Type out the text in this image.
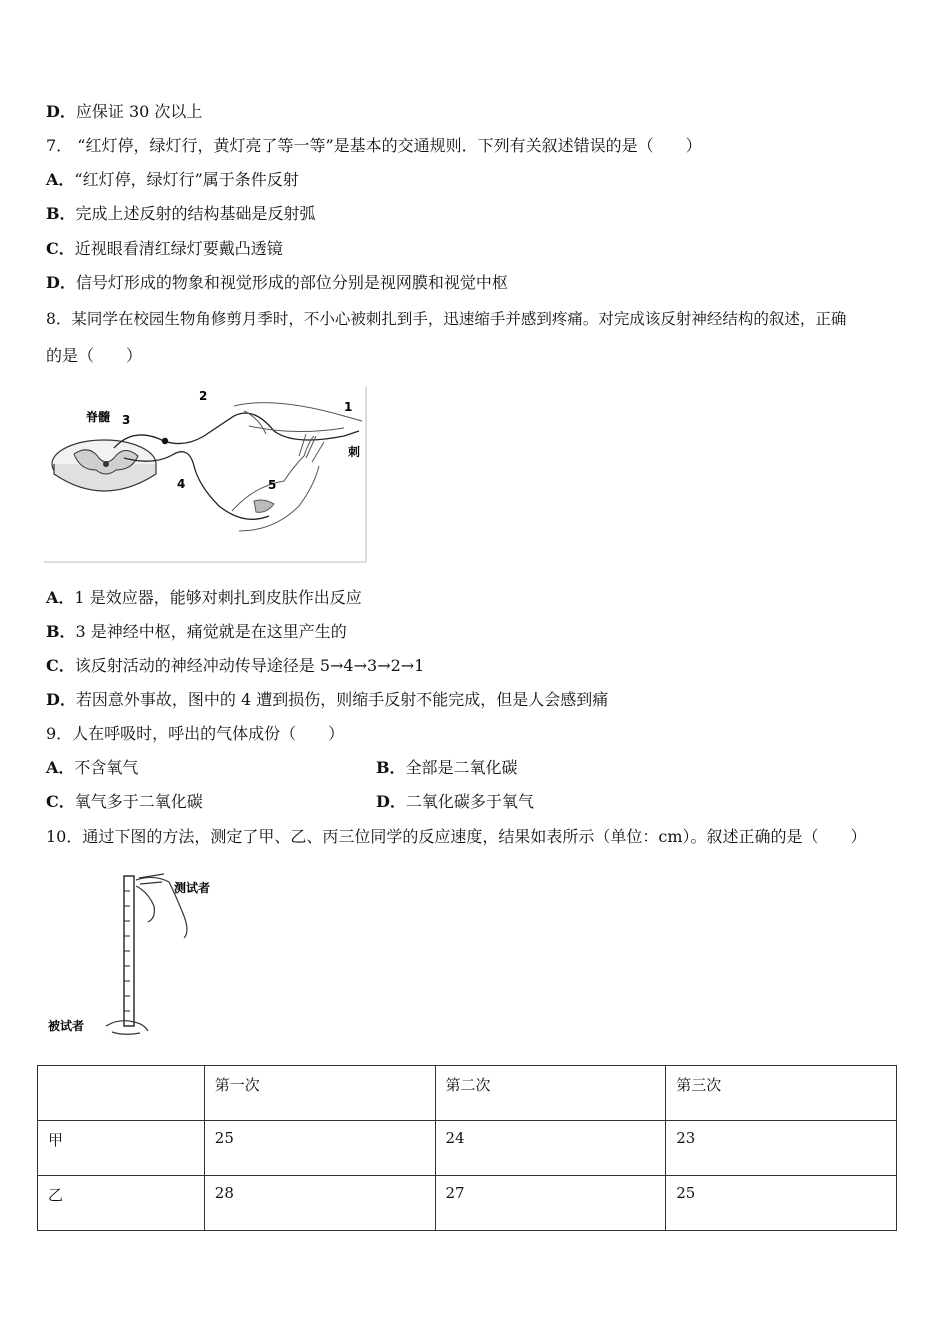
D．应保证 30 次以上
7． “红灯停，绿灯行，黄灯亮了等一等”是基本的交通规则．下列有关叙述错误的是（　　）
A．“红灯停，绿灯行”属于条件反射
B．完成上述反射的结构基础是反射弧
C．近视眼看清红绿灯要戴凸透镜
D．信号灯形成的物象和视觉形成的部位分别是视网膜和视觉中枢
8．某同学在校园生物角修剪月季时，不小心被刺扎到手，迅速缩手并感到疼痛。对完成该反射神经结构的叙述，正确
的是（　　）
脊髓 3
2
1
4	5
刺
A．1 是效应器，能够对刺扎到皮肤作出反应
B．3 是神经中枢，痛觉就是在这里产生的
C．该反射活动的神经冲动传导途径是 5→4→3→2→1
D．若因意外事故，图中的 4 遭到损伤，则缩手反射不能完成，但是人会感到痛
9．人在呼吸时，呼出的气体成份（　　）
A．不含氧气	B．全部是二氧化碳
C．氧气多于二氧化碳	D．二氧化碳多于氧气
10．通过下图的方法，测定了甲、乙、丙三位同学的反应速度，结果如表所示（单位：cm）。叙述正确的是（　　）
测试者
被试者
	第一次	第二次	第三次
甲	25	24	23
乙	28	27	25
